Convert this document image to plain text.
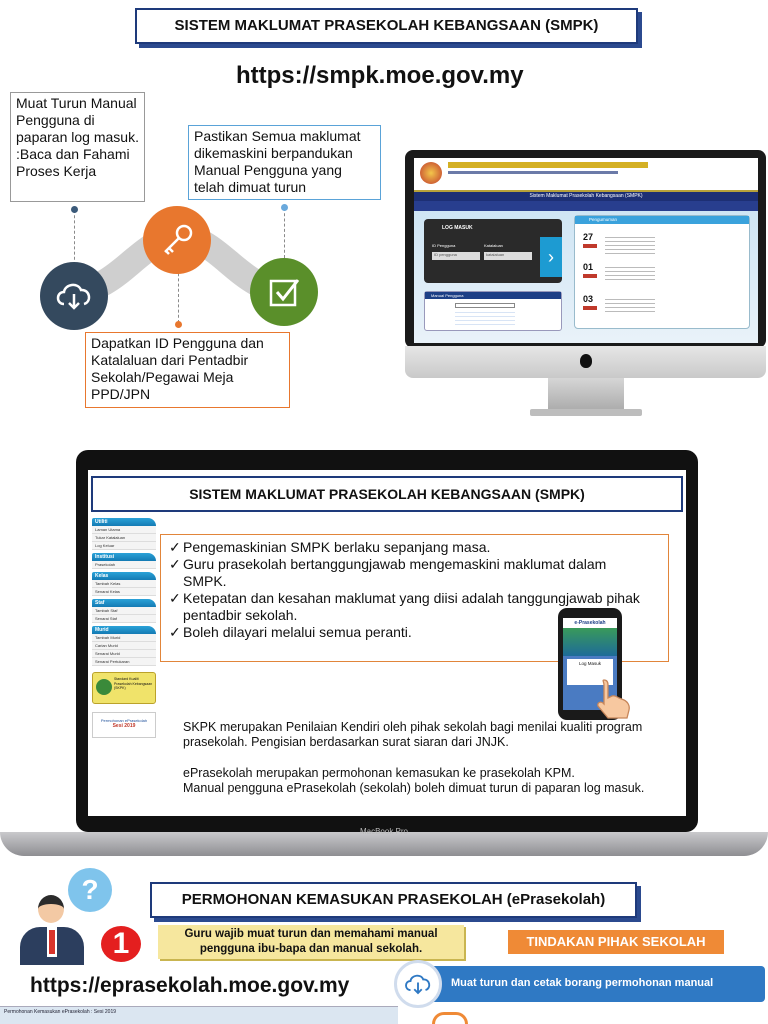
SISTEM MAKLUMAT PRASEKOLAH KEBANGSAAN (SMPK)
https://smpk.moe.gov.my
Muat Turun Manual Pengguna di paparan log masuk. :Baca dan Fahami Proses Kerja
Pastikan Semua maklumat dikemaskini berpandukan Manual Pengguna yang telah dimuat turun
Dapatkan ID Pengguna dan Katalaluan dari Pentadbir Sekolah/Pegawai Meja PPD/JPN
Sistem Maklumat Prasekolah Kebangsaan (SMPK)
LOG MASUK
ID Pengguna	Katalaluan
ID pengguna	katalaluan	›
Manual Pengguna
Pengumuman
27
01
03
SISTEM MAKLUMAT PRASEKOLAH KEBANGSAAN (SMPK)
Utiliti
Laman Utama
Tukar Katalaluan
Log Keluar
Institusi
Prasekolah
Kelas
Tambah Kelas
Senarai Kelas
Staf
Tambah Staf
Senarai Staf
Murid
Tambah Murid
Carian Murid
Senarai Murid
Senarai Pertukaran
Standard Kualiti Prasekolah Kebangsaan (SKPK)
Permohonan ePrasekolah
Sesi 2019
✓ Pengemaskinian SMPK berlaku sepanjang masa.
✓ Guru prasekolah bertanggungjawab mengemaskini maklumat dalam SMPK.
✓ Ketepatan dan kesahan maklumat yang diisi adalah tanggungjawab pihak pentadbir sekolah.
✓ Boleh dilayari melalui semua peranti.
SKPK merupakan Penilaian Kendiri oleh pihak sekolah bagi menilai kualiti program prasekolah. Pengisian berdasarkan surat siaran dari JNJK.
ePrasekolah merupakan permohonan kemasukan ke prasekolah KPM.
Manual pengguna ePrasekolah (sekolah) boleh dimuat turun di paparan log masuk.
e-Prasekolah
Log Masuk
MacBook Pro
PERMOHONAN KEMASUKAN PRASEKOLAH (ePrasekolah)
?
1	Guru wajib muat turun dan memahami manual pengguna ibu-bapa dan manual sekolah.	TINDAKAN PIHAK SEKOLAH
https://eprasekolah.moe.gov.my	Muat turun dan cetak borang permohonan manual
Permohonan Kemasukan ePrasekolah : Sesi 2019
